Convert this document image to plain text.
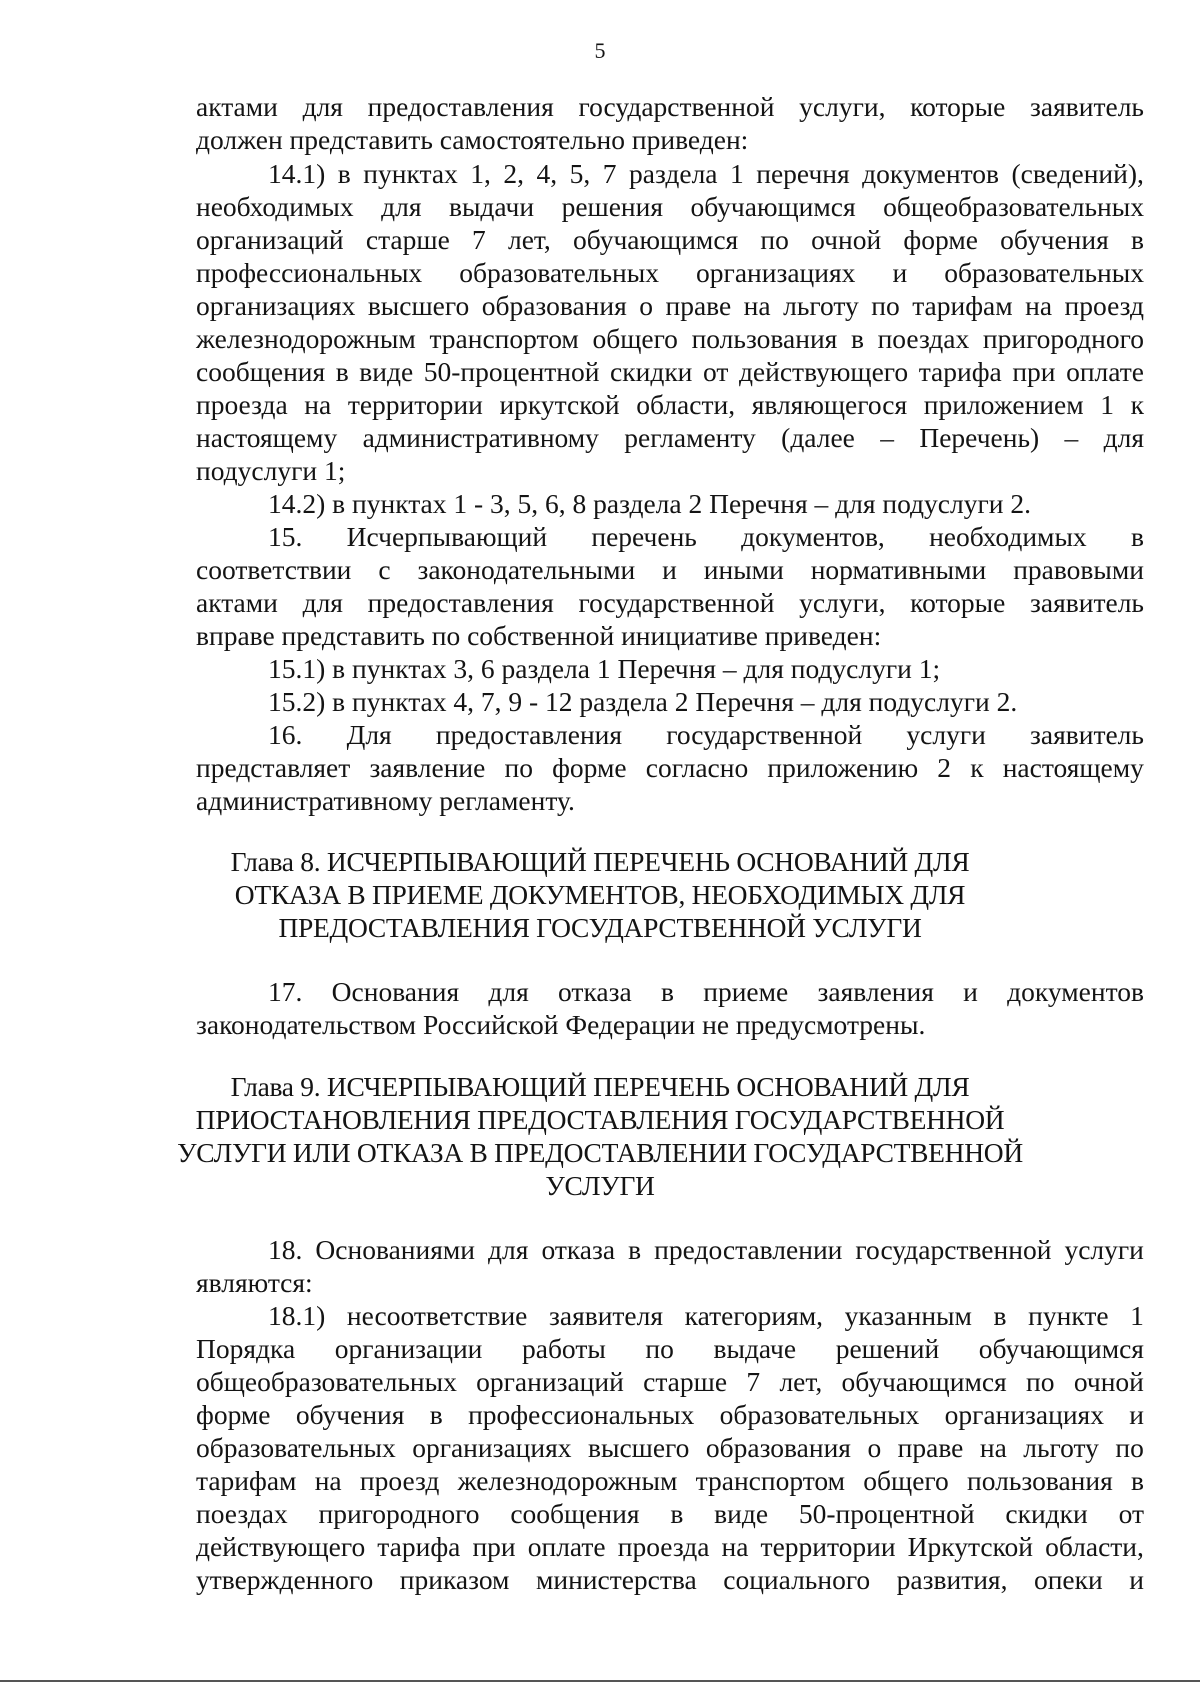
5
актами для предоставления государственной услуги, которые заявитель
должен представить самостоятельно приведен:
14.1) в пунктах 1, 2, 4, 5, 7 раздела 1 перечня документов (сведений),
необходимых для выдачи решения обучающимся общеобразовательных
организаций старше 7 лет, обучающимся по очной форме обучения в
профессиональных образовательных организациях и образовательных
организациях высшего образования о праве на льготу по тарифам на проезд
железнодорожным транспортом общего пользования в поездах пригородного
сообщения в виде 50-процентной скидки от действующего тарифа при оплате
проезда на территории иркутской области, являющегося приложением 1 к
настоящему административному регламенту (далее – Перечень) – для
подуслуги 1;
14.2) в пунктах 1 - 3, 5, 6, 8 раздела 2 Перечня – для подуслуги 2.
15. Исчерпывающий перечень документов, необходимых в
соответствии с законодательными и иными нормативными правовыми
актами для предоставления государственной услуги, которые заявитель
вправе представить по собственной инициативе приведен:
15.1) в пунктах 3, 6 раздела 1 Перечня – для подуслуги 1;
15.2) в пунктах 4, 7, 9 - 12 раздела 2 Перечня – для подуслуги 2.
16. Для предоставления государственной услуги заявитель
представляет заявление по форме согласно приложению 2 к настоящему
административному регламенту.
Глава 8. ИСЧЕРПЫВАЮЩИЙ ПЕРЕЧЕНЬ ОСНОВАНИЙ ДЛЯ
ОТКАЗА В ПРИЕМЕ ДОКУМЕНТОВ, НЕОБХОДИМЫХ ДЛЯ
ПРЕДОСТАВЛЕНИЯ ГОСУДАРСТВЕННОЙ УСЛУГИ
17. Основания для отказа в приеме заявления и документов
законодательством Российской Федерации не предусмотрены.
Глава 9. ИСЧЕРПЫВАЮЩИЙ ПЕРЕЧЕНЬ ОСНОВАНИЙ ДЛЯ
ПРИОСТАНОВЛЕНИЯ ПРЕДОСТАВЛЕНИЯ ГОСУДАРСТВЕННОЙ
УСЛУГИ ИЛИ ОТКАЗА В ПРЕДОСТАВЛЕНИИ ГОСУДАРСТВЕННОЙ
УСЛУГИ
18. Основаниями для отказа в предоставлении государственной услуги
являются:
18.1) несоответствие заявителя категориям, указанным в пункте 1
Порядка организации работы по выдаче решений обучающимся
общеобразовательных организаций старше 7 лет, обучающимся по очной
форме обучения в профессиональных образовательных организациях и
образовательных организациях высшего образования о праве на льготу по
тарифам на проезд железнодорожным транспортом общего пользования в
поездах пригородного сообщения в виде 50-процентной скидки от
действующего тарифа при оплате проезда на территории Иркутской области,
утвержденного приказом министерства социального развития, опеки и
